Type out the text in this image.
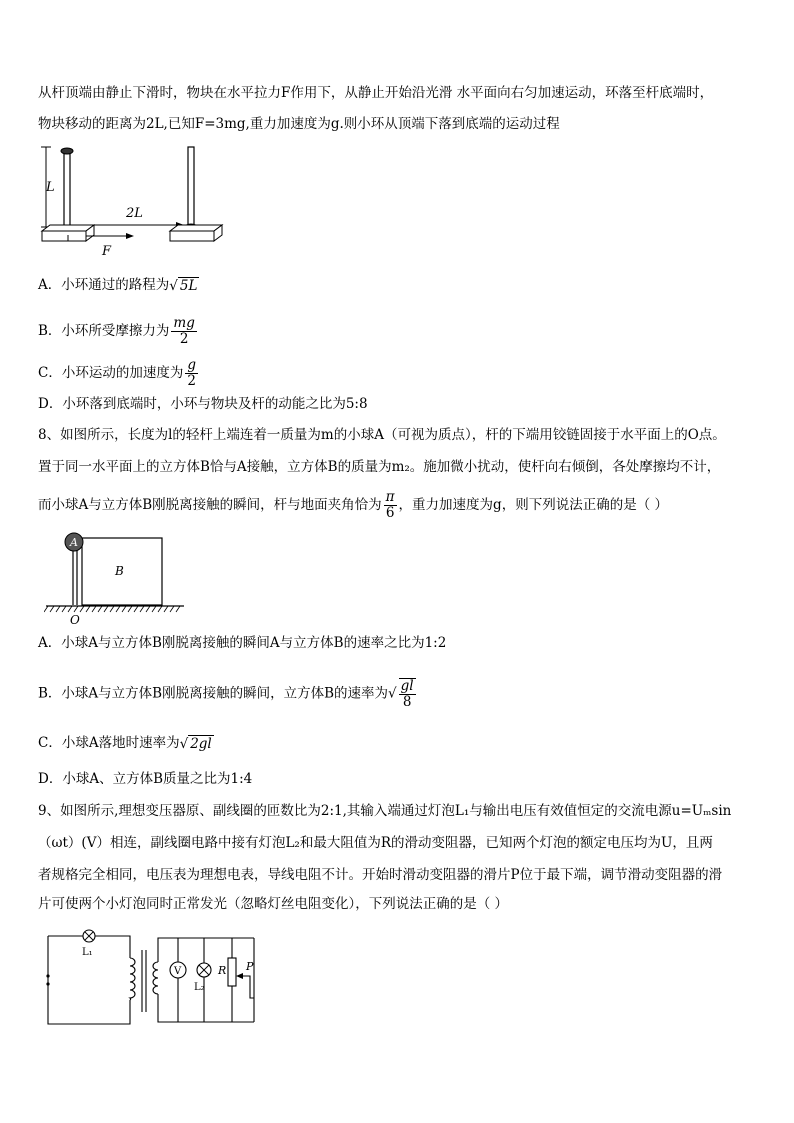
从杆顶端由静止下滑时，物块在水平拉力F作用下，从静止开始沿光滑 水平面向右匀加速运动，环落至杆底端时，
物块移动的距离为2L,已知F=3mg,重力加速度为g.则小环从顶端下落到底端的运动过程
L
F
2L
A．小环通过的路程为√ 5L
B．小环所受摩擦力为 $\frac{mg}{2}$
C．小环运动的加速度为 $\frac{g}{2}$
D．小环落到底端时，小环与物块及杆的动能之比为5:8
8、如图所示，长度为l的轻杆上端连着一质量为m的小球A（可视为质点），杆的下端用铰链固接于水平面上的O点。
置于同一水平面上的立方体B恰与A接触，立方体B的质量为m₂。施加微小扰动，使杆向右倾倒，各处摩擦均不计，
而小球A与立方体B刚脱离接触的瞬间，杆与地面夹角恰为 $\frac{\pi}{6}$ ，重力加速度为g，则下列说法正确的是（ ）
B
A
O
A．小球A与立方体B刚脱离接触的瞬间A与立方体B的速率之比为1:2
B．小球A与立方体B刚脱离接触的瞬间，立方体B的速率为√ $\frac{gl}{8}$
C．小球A落地时速率为√ 2gl
D．小球A、立方体B质量之比为1:4
9、如图所示,理想变压器原、副线圈的匝数比为2:1,其输入端通过灯泡L₁与输出电压有效值恒定的交流电源u=Uₘsin
（ωt）(V）相连，副线圈电路中接有灯泡L₂和最大阻值为R的滑动变阻器，已知两个灯泡的额定电压均为U，且两
者规格完全相同，电压表为理想电表，导线电阻不计。开始时滑动变阻器的滑片P位于最下端，调节滑动变阻器的滑
片可使两个小灯泡同时正常发光（忽略灯丝电阻变化），下列说法正确的是（ ）
L₁
V
L₂
R P
